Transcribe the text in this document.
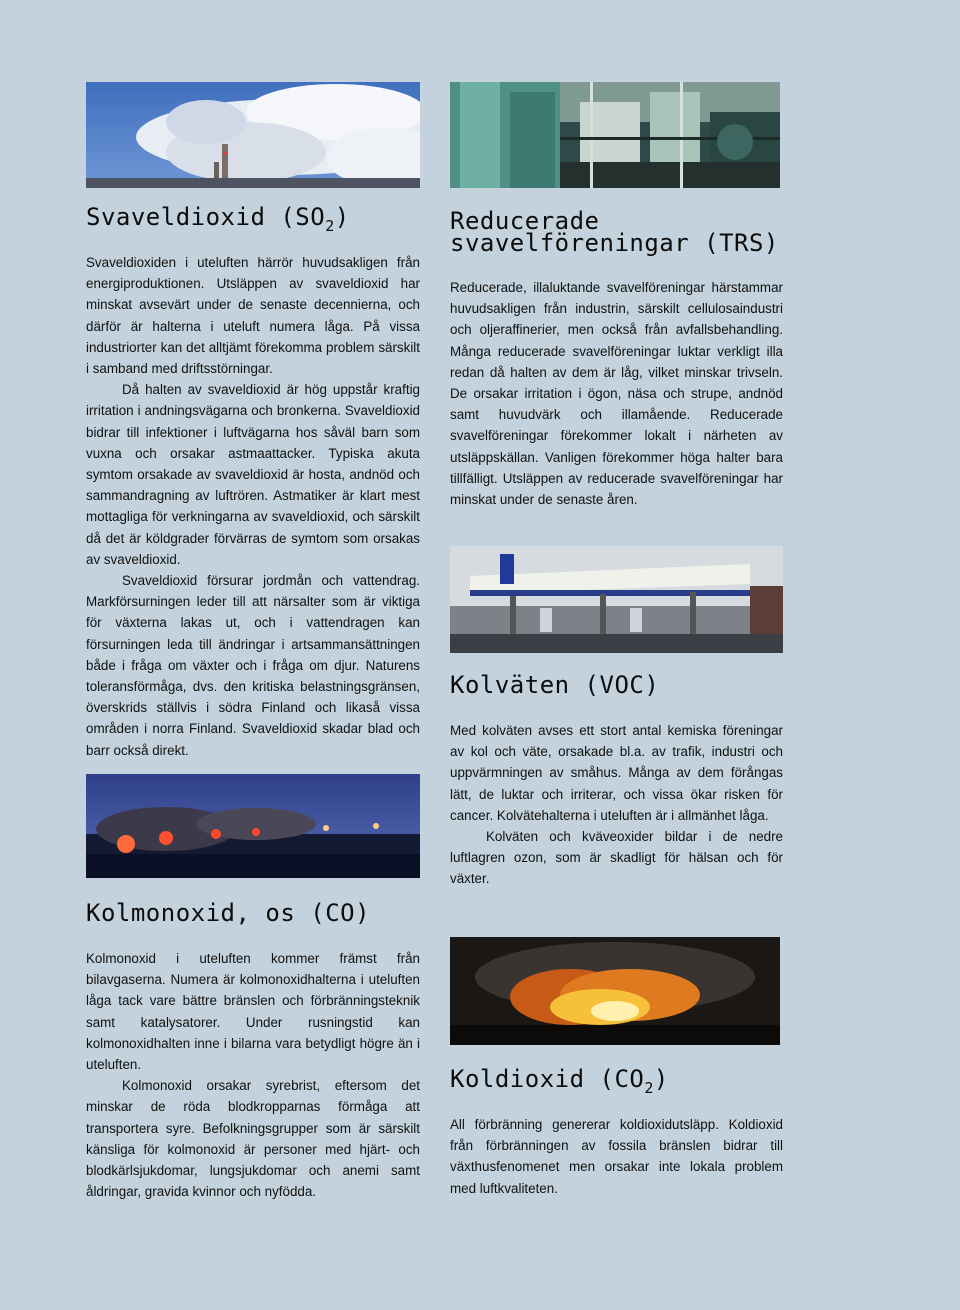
Svaveldioxid $(SO_2)$

Svaveldioxiden i uteluften härrör huvudsakligen från energiproduktionen. Utsläppen av svaveldioxid har minskat avsevärt under de senaste decennierna, och därför är halterna i uteluft numera låga. På vissa industriorter kan det alltjämt förekomma problem särskilt i samband med driftsstörningar.

Då halten av svaveldioxid är hög uppstår kraftig irritation i andningsvägarna och bronkerna. Svaveldioxid bidrar till infektioner i luftvägarna hos såväl barn som vuxna och orsakar astmaattacker. Typiska akuta symtom orsakade av svaveldioxid är hosta, andnöd och sammandragning av luftrören. Astmatiker är klart mest mottagliga för verkningarna av svaveldioxid, och särskilt då det är köldgrader förvärras de symtom som orsakas av svaveldioxid.

Svaveldioxid försurar jordmån och vattendrag. Markförsurningen leder till att närsalter som är viktiga för växterna lakas ut, och i vattendragen kan försurningen leda till ändringar i artsammansättningen både i fråga om växter och i fråga om djur. Naturens toleransförmåga, dvs. den kritiska belastningsgränsen, överskrids ställvis i södra Finland och likaså vissa områden i norra Finland. Svaveldioxid skadar blad och barr också direkt.

Reducerade
svavelföreningar (TRS)

Reducerade, illaluktande svavelföreningar härstammar huvudsakligen från industrin, särskilt cellulosaindustri och oljeraffinerier, men också från avfallsbehandling. Många reducerade svavelföreningar luktar verkligt illa redan då halten av dem är låg, vilket minskar trivseln. De orsakar irritation i ögon, näsa och strupe, andnöd samt huvudvärk och illamående. Reducerade svavelföreningar förekommer lokalt i närheten av utsläppskällan. Vanligen förekommer höga halter bara tillfälligt. Utsläppen av reducerade svavelföreningar har minskat under de senaste åren.

Kolväten (VOC)

Med kolväten avses ett stort antal kemiska föreningar av kol och väte, orsakade bl.a. av trafik, industri och uppvärmningen av småhus. Många av dem förångas lätt, de luktar och irriterar, och vissa ökar risken för cancer. Kolvätehalterna i uteluften är i allmänhet låga.

Kolväten och kväveoxider bildar i de nedre luftlagren ozon, som är skadligt för hälsan och för växter.

Kolmonoxid, os (CO)

Kolmonoxid i uteluften kommer främst från bilavgaserna. Numera är kolmonoxidhalterna i uteluften låga tack vare bättre bränslen och förbränningsteknik samt katalysatorer. Under rusningstid kan kolmonoxidhalten inne i bilarna vara betydligt högre än i uteluften.

Kolmonoxid orsakar syrebrist, eftersom det minskar de röda blodkropparnas förmåga att transportera syre. Befolkningsgrupper som är särskilt känsliga för kolmonoxid är personer med hjärt- och blodkärlsjukdomar, lungsjukdomar och anemi samt åldringar, gravida kvinnor och nyfödda.

Koldioxid $(CO_2)$

All förbränning genererar koldioxidutsläpp. Koldioxid från förbränningen av fossila bränslen bidrar till växthusfenomenet men orsakar inte lokala problem med luftkvaliteten.
